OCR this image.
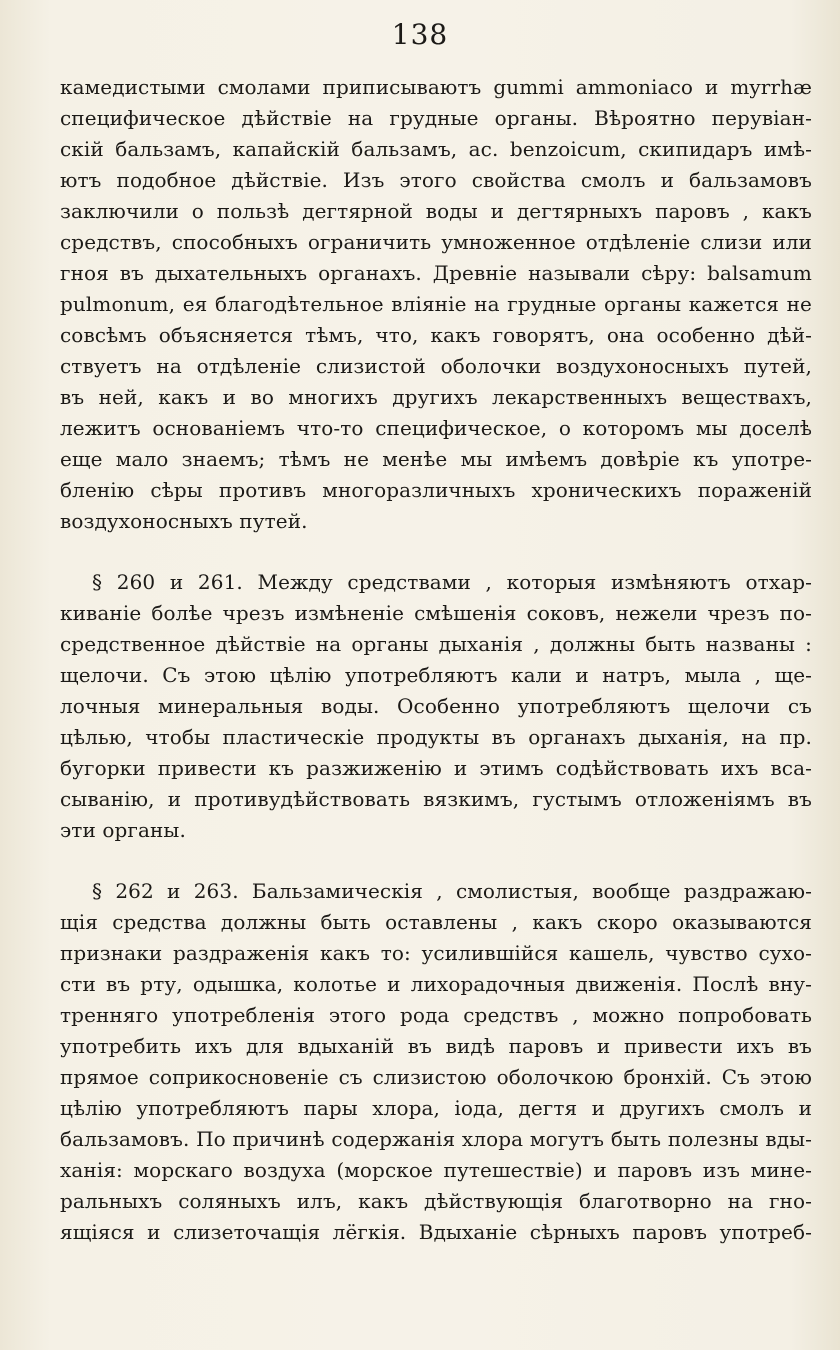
138
камедистыми смолами приписываютъ gummi ammoniaco и myrrhæ
специфическое дѣйствiе на грудные органы. Вѣроятно перувiан-
скiй бальзамъ, капайскiй бальзамъ, ас. benzoicum, скипидаръ имѣ-
ютъ подобное дѣйствiе. Изъ этого свойства смолъ и бальзамовъ
заключили о пользѣ дегтярной воды и дегтярныхъ паровъ , какъ
средствъ, способныхъ ограничить умноженное отдѣленiе слизи или
гноя въ дыхательныхъ органахъ. Древнiе называли сѣру: balsamum
pulmonum, ея благодѣтельное влiянiе на грудные органы кажется не
совсѣмъ объясняется тѣмъ, что, какъ говорятъ, она особенно дѣй-
ствуетъ на отдѣленiе слизистой оболочки воздухоносныхъ путей,
въ ней, какъ и во многихъ другихъ лекарственныхъ веществахъ,
лежитъ основанiемъ что-то специфическое, о которомъ мы доселѣ
еще мало знаемъ; тѣмъ не менѣе мы имѣемъ довѣрiе къ употре-
бленiю сѣры противъ многоразличныхъ хроническихъ пораженiй
воздухоносныхъ путей.
§ 260 и 261. Между средствами , которыя измѣняютъ отхар-
киванiе болѣе чрезъ измѣненiе смѣшенiя соковъ, нежели чрезъ по-
средственное дѣйствiе на органы дыханiя , должны быть названы :
щелочи. Съ этою цѣлiю употребляютъ кали и натръ, мыла , ще-
лочныя минеральныя воды. Особенно употребляютъ щелочи съ
цѣлью, чтобы пластическiе продукты въ органахъ дыханiя, на пр.
бугорки привести къ разжиженiю и этимъ содѣйствовать ихъ вса-
сыванiю, и противудѣйствовать вязкимъ, густымъ отложенiямъ въ
эти органы.
§ 262 и 263. Бальзамическiя , смолистыя, вообще раздражаю-
щiя средства должны быть оставлены , какъ скоро оказываются
признаки раздраженiя какъ то: усилившiйся кашель, чувство сухо-
сти въ рту, одышка, колотье и лихорадочныя движенiя. Послѣ вну-
тренняго употребленiя этого рода средствъ , можно попробовать
употребить ихъ для вдыханiй въ видѣ паровъ и привести ихъ въ
прямое соприкосновенiе съ слизистою оболочкою бронхiй. Съ этою
цѣлiю употребляютъ пары хлора, iода, дегтя и другихъ смолъ и
бальзамовъ. По причинѣ содержанiя хлора могутъ быть полезны вды-
ханiя: морскаго воздуха (морское путешествiе) и паровъ изъ мине-
ральныхъ соляныхъ илъ, какъ дѣйствующiя благотворно на гно-
ящiяся и слизеточащiя лёгкiя. Вдыханiе сѣрныхъ паровъ употреб-
